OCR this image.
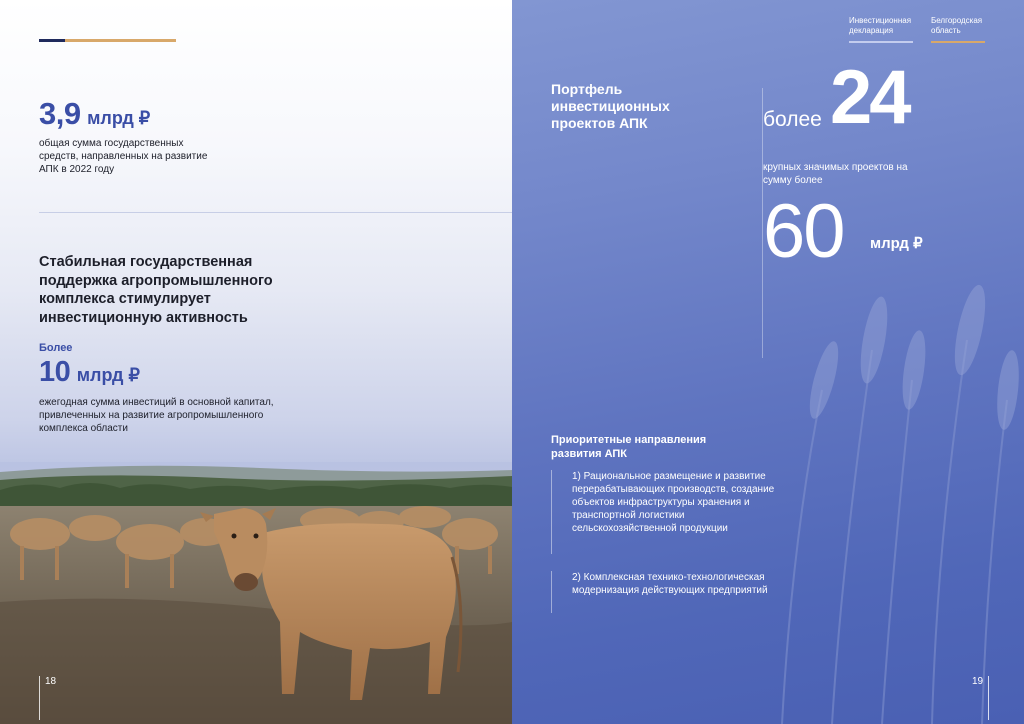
3,9 млрд ₽
общая сумма государственных средств, направленных на развитие АПК в 2022 году
Стабильная государственная поддержка агропромышленного комплекса стимулирует инвестиционную активность
Более
10 млрд ₽
ежегодная сумма инвестиций в основной капитал, привлеченных на развитие агропромышленного комплекса области
18
Инвестиционная декларация
Белгородская область
Портфель инвестиционных проектов АПК	более 24
крупных значимых проектов на сумму более
60 млрд ₽
Приоритетные направления развития АПК
1) Рациональное размещение и развитие перерабатывающих производств, создание объектов инфраструктуры хранения и транспортной логистики сельскохозяйственной продукции
2) Комплексная технико-технологическая модернизация действующих предприятий
19
